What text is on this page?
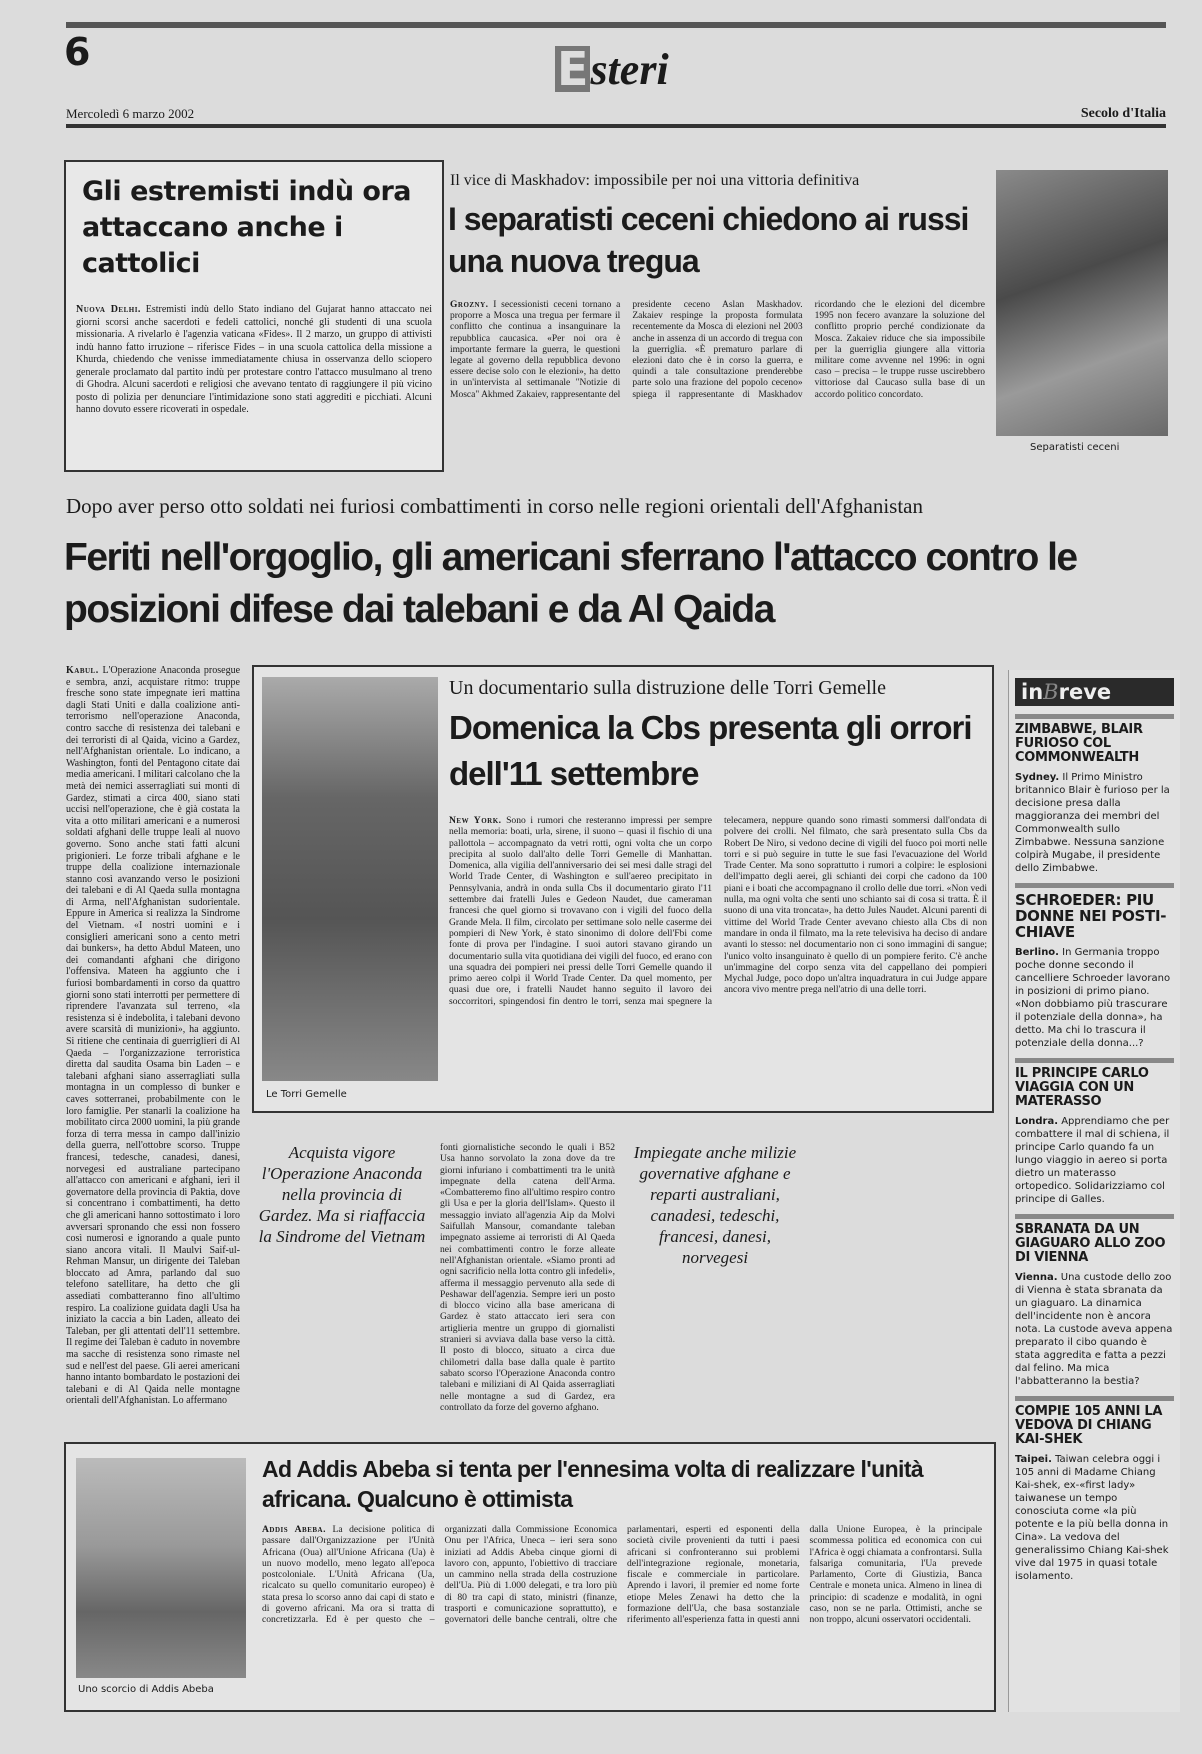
6	E steri
Mercoledì 6 marzo 2002	Secolo d'Italia
Gli estremisti indù ora attaccano anche i cattolici
Nuova Delhi. Estremisti indù dello Stato indiano del Gujarat hanno attaccato nei giorni scorsi anche sacerdoti e fedeli cattolici, nonché gli studenti di una scuola missionaria. A rivelarlo è l'agenzia vaticana «Fides». Il 2 marzo, un gruppo di attivisti indù hanno fatto irruzione – riferisce Fides – in una scuola cattolica della missione a Khurda, chiedendo che venisse immediatamente chiusa in osservanza dello sciopero generale proclamato dal partito indù per protestare contro l'attacco musulmano al treno di Ghodra. Alcuni sacerdoti e religiosi che avevano tentato di raggiungere il più vicino posto di polizia per denunciare l'intimidazione sono stati aggrediti e picchiati. Alcuni hanno dovuto essere ricoverati in ospedale.
Il vice di Maskhadov: impossibile per noi una vittoria definitiva
I separatisti ceceni chiedono ai russi una nuova tregua
Grozny. I secessionisti ceceni tornano a proporre a Mosca una tregua per fermare il conflitto che continua a insanguinare la repubblica caucasica. «Per noi ora è importante fermare la guerra, le questioni legate al governo della repubblica devono essere decise solo con le elezioni», ha detto in un'intervista al settimanale "Notizie di Mosca" Akhmed Zakaiev, rappresentante del presidente ceceno Aslan Maskhadov. Zakaiev respinge la proposta formulata recentemente da Mosca di elezioni nel 2003 anche in assenza di un accordo di tregua con la guerriglia. «È prematuro parlare di elezioni dato che è in corso la guerra, e quindi a tale consultazione prenderebbe parte solo una frazione del popolo ceceno» spiega il rappresentante di Maskhadov ricordando che le elezioni del dicembre 1995 non fecero avanzare la soluzione del conflitto proprio perché condizionate da Mosca. Zakaiev riduce che sia impossibile per la guerriglia giungere alla vittoria militare come avvenne nel 1996: in ogni caso – precisa – le truppe russe uscirebbero vittoriose dal Caucaso sulla base di un accordo politico concordato.
Separatisti ceceni
Dopo aver perso otto soldati nei furiosi combattimenti in corso nelle regioni orientali dell'Afghanistan
Feriti nell'orgoglio, gli americani sferrano l'attacco contro le posizioni difese dai talebani e da Al Qaida
Kabul. L'Operazione Anaconda prosegue e sembra, anzi, acquistare ritmo: truppe fresche sono state impegnate ieri mattina dagli Stati Uniti e dalla coalizione anti-terrorismo nell'operazione Anaconda, contro sacche di resistenza dei talebani e dei terroristi di al Qaida, vicino a Gardez, nell'Afghanistan orientale. Lo indicano, a Washington, fonti del Pentagono citate dai media americani. I militari calcolano che la metà dei nemici asserragliati sui monti di Gardez, stimati a circa 400, siano stati uccisi nell'operazione, che è già costata la vita a otto militari americani e a numerosi soldati afghani delle truppe leali al nuovo governo. Sono anche stati fatti alcuni prigionieri. Le forze tribali afghane e le truppe della coalizione internazionale stanno così avanzando verso le posizioni dei talebani e di Al Qaeda sulla montagna di Arma, nell'Afghanistan sudorientale. Eppure in America si realizza la Sindrome del Vietnam. «I nostri uomini e i consiglieri americani sono a cento metri dai bunkers», ha detto Abdul Mateen, uno dei comandanti afghani che dirigono l'offensiva. Mateen ha aggiunto che i furiosi bombardamenti in corso da quattro giorni sono stati interrotti per permettere di riprendere l'avanzata sul terreno, «la resistenza si è indebolita, i talebani devono avere scarsità di munizioni», ha aggiunto. Si ritiene che centinaia di guerriglieri di Al Qaeda – l'organizzazione terroristica diretta dal saudita Osama bin Laden – e talebani afghani siano asserragliati sulla montagna in un complesso di bunker e caves sotterranei, probabilmente con le loro famiglie. Per stanarli la coalizione ha mobilitato circa 2000 uomini, la più grande forza di terra messa in campo dall'inizio della guerra, nell'ottobre scorso. Truppe francesi, tedesche, canadesi, danesi, norvegesi ed australiane partecipano all'attacco con americani e afghani, ieri il governatore della provincia di Paktia, dove si concentrano i combattimenti, ha detto che gli americani hanno sottostimato i loro avversari spronando che essi non fossero così numerosi e ignorando a quale punto siano ancora vitali. Il Maulvi Saif-ul-Rehman Mansur, un dirigente dei Taleban bloccato ad Amra, parlando dal suo telefono satellitare, ha detto che gli assediati combatteranno fino all'ultimo respiro. La coalizione guidata dagli Usa ha iniziato la caccia a bin Laden, alleato dei Taleban, per gli attentati dell'11 settembre. Il regime dei Taleban è caduto in novembre ma sacche di resistenza sono rimaste nel sud e nell'est del paese. Gli aerei americani hanno intanto bombardato le postazioni dei talebani e di Al Qaida nelle montagne orientali dell'Afghanistan. Lo affermano
Le Torri Gemelle
Un documentario sulla distruzione delle Torri Gemelle
Domenica la Cbs presenta gli orrori dell'11 settembre
New York. Sono i rumori che resteranno impressi per sempre nella memoria: boati, urla, sirene, il suono – quasi il fischio di una pallottola – accompagnato da vetri rotti, ogni volta che un corpo precipita al suolo dall'alto delle Torri Gemelle di Manhattan. Domenica, alla vigilia dell'anniversario dei sei mesi dalle stragi del World Trade Center, di Washington e sull'aereo precipitato in Pennsylvania, andrà in onda sulla Cbs il documentario girato l'11 settembre dai fratelli Jules e Gedeon Naudet, due cameraman francesi che quel giorno si trovavano con i vigili del fuoco della Grande Mela. Il film, circolato per settimane solo nelle caserme dei pompieri di New York, è stato sinonimo di dolore dell'Fbi come fonte di prova per l'indagine. I suoi autori stavano girando un documentario sulla vita quotidiana dei vigili del fuoco, ed erano con una squadra dei pompieri nei pressi delle Torri Gemelle quando il primo aereo colpì il World Trade Center. Da quel momento, per quasi due ore, i fratelli Naudet hanno seguito il lavoro dei soccorritori, spingendosi fin dentro le torri, senza mai spegnere la telecamera, neppure quando sono rimasti sommersi dall'ondata di polvere dei crolli. Nel filmato, che sarà presentato sulla Cbs da Robert De Niro, si vedono decine di vigili del fuoco poi morti nelle torri e si può seguire in tutte le sue fasi l'evacuazione del World Trade Center. Ma sono soprattutto i rumori a colpire: le esplosioni dell'impatto degli aerei, gli schianti dei corpi che cadono da 100 piani e i boati che accompagnano il crollo delle due torri. «Non vedi nulla, ma ogni volta che senti uno schianto sai di cosa si tratta. È il suono di una vita troncata», ha detto Jules Naudet. Alcuni parenti di vittime del World Trade Center avevano chiesto alla Cbs di non mandare in onda il filmato, ma la rete televisiva ha deciso di andare avanti lo stesso: nel documentario non ci sono immagini di sangue; l'unico volto insanguinato è quello di un pompiere ferito. C'è anche un'immagine del corpo senza vita del cappellano dei pompieri Mychal Judge, poco dopo un'altra inquadratura in cui Judge appare ancora vivo mentre prega nell'atrio di una delle torri.
Acquista vigore l'Operazione Anaconda nella provincia di Gardez. Ma si riaffaccia la Sindrome del Vietnam
fonti giornalistiche secondo le quali i B52 Usa hanno sorvolato la zona dove da tre giorni infuriano i combattimenti tra le unità impegnate della catena dell'Arma. «Combatteremo fino all'ultimo respiro contro gli Usa e per la gloria dell'Islam». Questo il messaggio inviato all'agenzia Aip da Molvi Saifullah Mansour, comandante taleban impegnato assieme ai terroristi di Al Qaeda nei combattimenti contro le forze alleate nell'Afghanistan orientale. «Siamo pronti ad ogni sacrificio nella lotta contro gli infedeli», afferma il messaggio pervenuto alla sede di Peshawar dell'agenzia. Sempre ieri un posto di blocco vicino alla base americana di Gardez è stato attaccato ieri sera con artiglieria mentre un gruppo di giornalisti stranieri si avviava dalla base verso la città. Il posto di blocco, situato a circa due chilometri dalla base dalla quale è partito sabato scorso l'Operazione Anaconda contro talebani e miliziani di Al Qaida asserragliati nelle montagne a sud di Gardez, era controllato da forze del governo afghano.
Impiegate anche milizie governative afghane e reparti australiani, canadesi, tedeschi, francesi, danesi, norvegesi
Uno scorcio di Addis Abeba
Ad Addis Abeba si tenta per l'ennesima volta di realizzare l'unità africana. Qualcuno è ottimista
Addis Abeba. La decisione politica di passare dall'Organizzazione per l'Unità Africana (Oua) all'Unione Africana (Ua) è un nuovo modello, meno legato all'epoca postcoloniale. L'Unità Africana (Ua, ricalcato su quello comunitario europeo) è stata presa lo scorso anno dai capi di stato e di governo africani. Ma ora si tratta di concretizzarla. Ed è per questo che – organizzati dalla Commissione Economica Onu per l'Africa, Uneca – ieri sera sono iniziati ad Addis Abeba cinque giorni di lavoro con, appunto, l'obiettivo di tracciare un cammino nella strada della costruzione dell'Ua. Più di 1.000 delegati, e tra loro più di 80 tra capi di stato, ministri (finanze, trasporti e comunicazione soprattutto), e governatori delle banche centrali, oltre che parlamentari, esperti ed esponenti della società civile provenienti da tutti i paesi africani si confronteranno sui problemi dell'integrazione regionale, monetaria, fiscale e commerciale in particolare. Aprendo i lavori, il premier ed nome forte etiope Meles Zenawi ha detto che la formazione dell'Ua, che basa sostanziale riferimento all'esperienza fatta in questi anni dalla Unione Europea, è la principale scommessa politica ed economica con cui l'Africa è oggi chiamata a confrontarsi. Sulla falsariga comunitaria, l'Ua prevede Parlamento, Corte di Giustizia, Banca Centrale e moneta unica. Almeno in linea di principio: di scadenze e modalità, in ogni caso, non se ne parla. Ottimisti, anche se non troppo, alcuni osservatori occidentali.
inBreve
ZIMBABWE, BLAIR FURIOSO COL COMMONWEALTH

Sydney. Il Primo Ministro britannico Blair è furioso per la decisione presa dalla maggioranza dei membri del Commonwealth sullo Zimbabwe. Nessuna sanzione colpirà Mugabe, il presidente dello Zimbabwe.

SCHROEDER: PIU DONNE NEI POSTI-CHIAVE

Berlino. In Germania troppo poche donne secondo il cancelliere Schroeder lavorano in posizioni di primo piano. «Non dobbiamo più trascurare il potenziale della donna», ha detto. Ma chi lo trascura il potenziale della donna...?

IL PRINCIPE CARLO VIAGGIA CON UN MATERASSO

Londra. Apprendiamo che per combattere il mal di schiena, il principe Carlo quando fa un lungo viaggio in aereo si porta dietro un materasso ortopedico. Solidarizziamo col principe di Galles.

SBRANATA DA UN GIAGUARO ALLO ZOO DI VIENNA

Vienna. Una custode dello zoo di Vienna è stata sbranata da un giaguaro. La dinamica dell'incidente non è ancora nota. La custode aveva appena preparato il cibo quando è stata aggredita e fatta a pezzi dal felino. Ma mica l'abbatteranno la bestia?

COMPIE 105 ANNI LA VEDOVA DI CHIANG KAI-SHEK

Taipei. Taiwan celebra oggi i 105 anni di Madame Chiang Kai-shek, ex-«first lady» taiwanese un tempo conosciuta come «la più potente e la più bella donna in Cina». La vedova del generalissimo Chiang Kai-shek vive dal 1975 in quasi totale isolamento.
